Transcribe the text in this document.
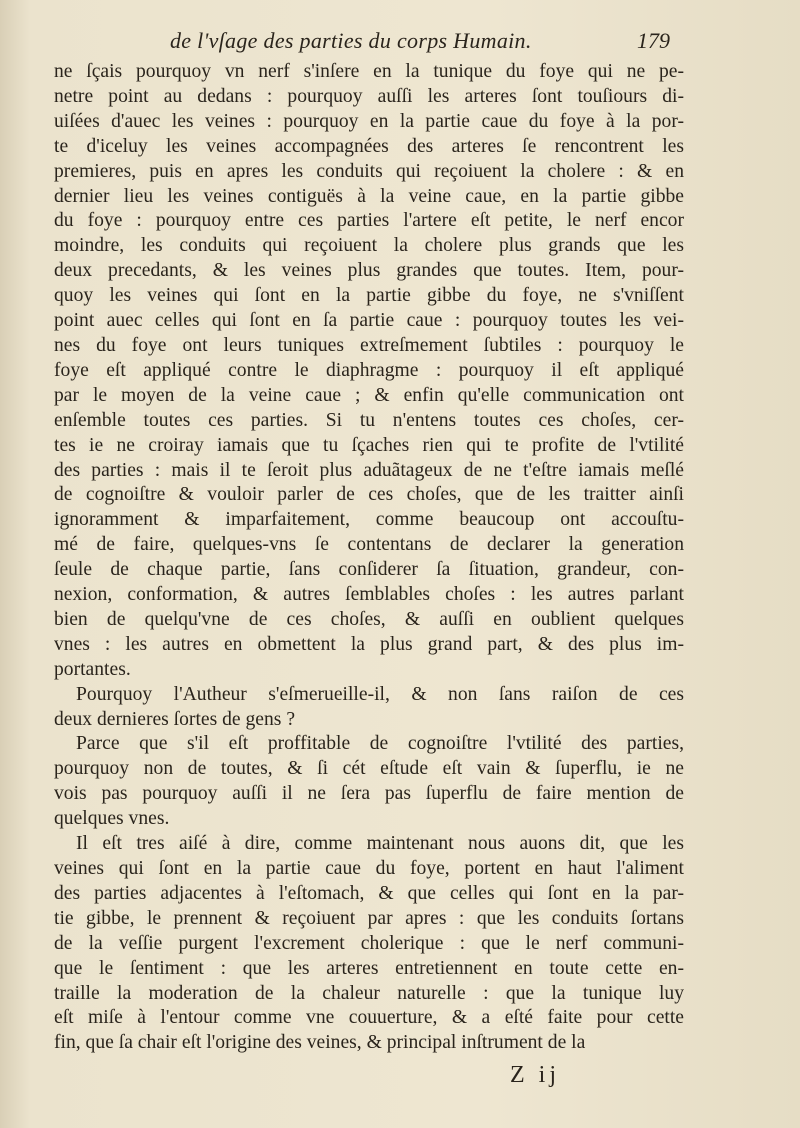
de l'vſage des parties du corps Humain.	179
ne ſçais pourquoy vn nerf s'inſere en la tunique du foye qui ne pe-
netre point au dedans : pourquoy auſſi les arteres ſont touſiours di-
uiſées d'auec les veines : pourquoy en la partie caue du foye à la por-
te d'iceluy les veines accompagnées des arteres ſe rencontrent les
premieres, puis en apres les conduits qui reçoiuent la cholere : & en
dernier lieu les veines contiguës à la veine caue, en la partie gibbe
du foye : pourquoy entre ces parties l'artere eſt petite, le nerf encor
moindre, les conduits qui reçoiuent la cholere plus grands que les
deux precedants, & les veines plus grandes que toutes. Item, pour-
quoy les veines qui ſont en la partie gibbe du foye, ne s'vniſſent
point auec celles qui ſont en ſa partie caue : pourquoy toutes les vei-
nes du foye ont leurs tuniques extreſmement ſubtiles : pourquoy le
foye eſt appliqué contre le diaphragme : pourquoy il eſt appliqué
par le moyen de la veine caue ; & enfin qu'elle communication ont
enſemble toutes ces parties. Si tu n'entens toutes ces choſes, cer-
tes ie ne croiray iamais que tu ſçaches rien qui te profite de l'vtilité
des parties : mais il te ſeroit plus aduãtageux de ne t'eſtre iamais meſlé
de cognoiſtre & vouloir parler de ces choſes, que de les traitter ainſi
ignoramment & imparfaitement, comme beaucoup ont accouſtu-
mé de faire, quelques-vns ſe contentans de declarer la generation
ſeule de chaque partie, ſans conſiderer ſa ſituation, grandeur, con-
nexion, conformation, & autres ſemblables choſes : les autres parlant
bien de quelqu'vne de ces choſes, & auſſi en oublient quelques
vnes : les autres en obmettent la plus grand part, & des plus im-
portantes.
Pourquoy l'Autheur s'eſmerueille-il, & non ſans raiſon de ces
deux dernieres ſortes de gens ?
Parce que s'il eſt proffitable de cognoiſtre l'vtilité des parties,
pourquoy non de toutes, & ſi cét eſtude eſt vain & ſuperflu, ie ne
vois pas pourquoy auſſi il ne ſera pas ſuperflu de faire mention de
quelques vnes.
Il eſt tres aiſé à dire, comme maintenant nous auons dit, que les
veines qui ſont en la partie caue du foye, portent en haut l'aliment
des parties adjacentes à l'eſtomach, & que celles qui ſont en la par-
tie gibbe, le prennent & reçoiuent par apres : que les conduits ſortans
de la veſſie purgent l'excrement cholerique : que le nerf communi-
que le ſentiment : que les arteres entretiennent en toute cette en-
traille la moderation de la chaleur naturelle : que la tunique luy
eſt miſe à l'entour comme vne couuerture, & a eſté faite pour cette
fin, que ſa chair eſt l'origine des veines, & principal inſtrument de la
Z ij
